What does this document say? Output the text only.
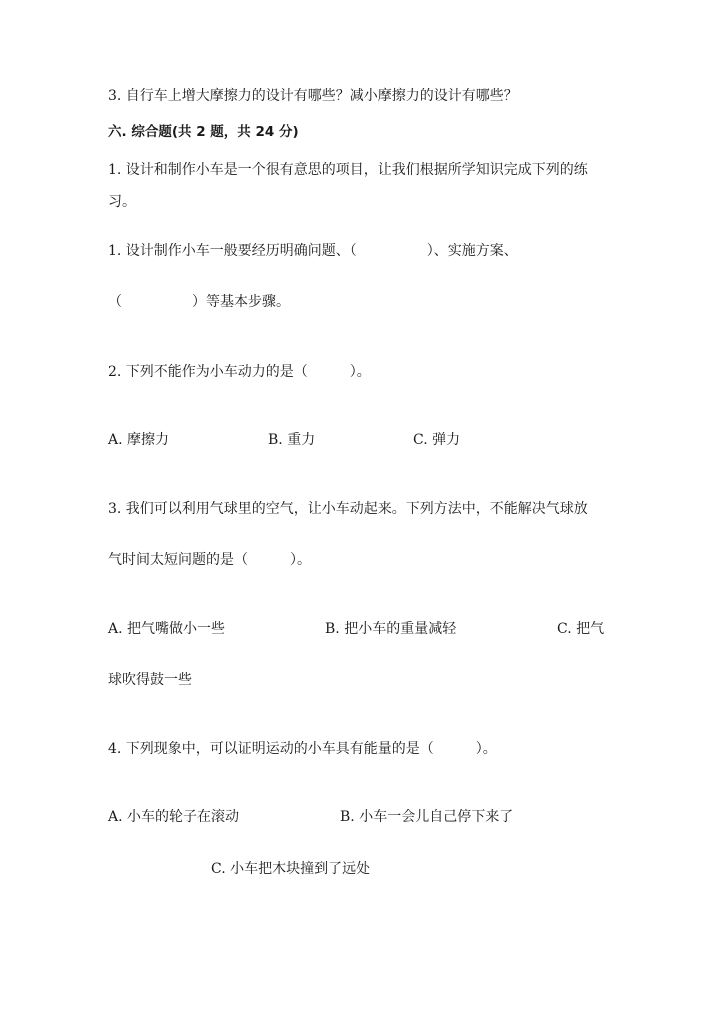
3. 自行车上增大摩擦力的设计有哪些？减小摩擦力的设计有哪些？
六. 综合题(共 2 题，共 24 分)
1. 设计和制作小车是一个很有意思的项目，让我们根据所学知识完成下列的练
习。
1. 设计制作小车一般要经历明确问题、（　　　　　）、实施方案、
（　　　　　）等基本步骤。
2. 下列不能作为小车动力的是（　　　）。
A. 摩擦力	B. 重力	C. 弹力
3. 我们可以利用气球里的空气，让小车动起来。下列方法中，不能解决气球放
气时间太短问题的是（　　　）。
A. 把气嘴做小一些	B. 把小车的重量减轻	C. 把气
球吹得鼓一些
4. 下列现象中，可以证明运动的小车具有能量的是（　　　）。
A. 小车的轮子在滚动	B. 小车一会儿自己停下来了
C. 小车把木块撞到了远处
